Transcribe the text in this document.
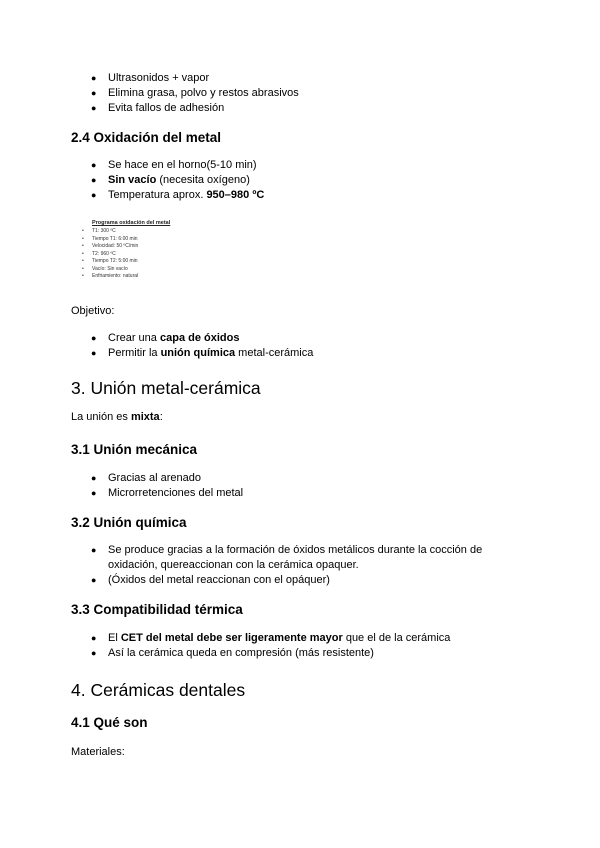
● Ultrasonidos + vapor
● Elimina grasa, polvo y restos abrasivos
● Evita fallos de adhesión
2.4 Oxidación del metal
● Se hace en el horno(5-10 min)
● Sin vacío (necesita oxígeno)
● Temperatura aprox. 950–980 ºC
Programa oxidación del metal
• T1: 300 ºC
• Tiempo T1: 6:00 min
• Velocidad: 50 ºC/min
• T2: 960 ºC
• Tiempo T2: 5:00 min
• Vacío: Sin vacío
• Enfriamiento: natural

Objetivo:

● Crear una capa de óxidos
● Permitir la unión química metal-cerámica
3. Unión metal-cerámica

La unión es mixta:

3.1 Unión mecánica
● Gracias al arenado
● Microrretenciones del metal
3.2 Unión química
● Se produce gracias a la formación de óxidos metálicos durante la cocción de
oxidación, quereaccionan con la cerámica opaquer.
● (Óxidos del metal reaccionan con el opáquer)
3.3 Compatibilidad térmica
● El CET del metal debe ser ligeramente mayor que el de la cerámica
● Así la cerámica queda en compresión (más resistente)
4. Cerámicas dentales
4.1 Qué son

Materiales:
